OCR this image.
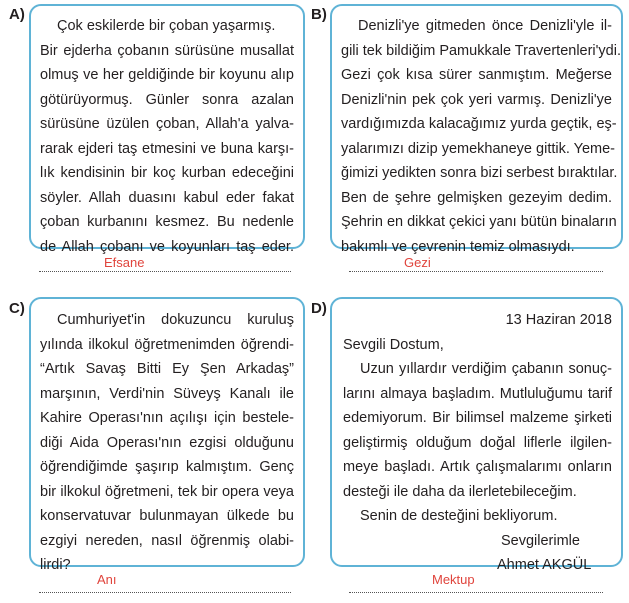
A)
Çok eskilerde bir çoban yaşarmış.
Bir ejderha çobanın sürüsüne musallat
olmuş ve her geldiğinde bir koyunu alıp
götürüyormuş. Günler sonra azalan
sürüsüne üzülen çoban, Allah'a yalva-
rarak ejderi taş etmesini ve buna karşı-
lık kendisinin bir koç kurban edeceğini
söyler. Allah duasını kabul eder fakat
çoban kurbanını kesmez. Bu nedenle
de Allah çobanı ve koyunları taş eder.
Efsane
B)
Denizli'ye gitmeden önce Denizli'yle il-
gili tek bildiğim Pamukkale Travertenleri'ydi.
Gezi çok kısa sürer sanmıştım. Meğerse
Denizli'nin pek çok yeri varmış. Denizli'ye
vardığımızda kalacağımız yurda geçtik, eş-
yalarımızı dizip yemekhaneye gittik. Yeme-
ğimizi yedikten sonra bizi serbest bıraktılar.
Ben de şehre gelmişken gezeyim dedim.
Şehrin en dikkat çekici yanı bütün binaların
bakımlı ve çevrenin temiz olmasıydı.
Gezi
C)
Cumhuriyet'in dokuzuncu kuruluş
yılında ilkokul öğretmenimden öğrendi-
“Artık Savaş Bitti Ey Şen Arkadaş”
marşının, Verdi'nin Süveyş Kanalı ile
Kahire Operası'nın açılışı için bestele-
diği Aida Operası'nın ezgisi olduğunu
öğrendiğimde şaşırıp kalmıştım. Genç
bir ilkokul öğretmeni, tek bir opera veya
konservatuvar bulunmayan ülkede bu
ezgiyi nereden, nasıl öğrenmiş olabi-
lirdi?
Anı
D)
13 Haziran 2018
Sevgili Dostum,
Uzun yıllardır verdiğim çabanın sonuç-
larını almaya başladım. Mutluluğumu tarif
edemiyorum. Bir bilimsel malzeme şirketi
geliştirmiş olduğum doğal liflerle ilgilen-
meye başladı. Artık çalışmalarımı onların
desteği ile daha da ilerletebileceğim.
Senin de desteğini bekliyorum.
Sevgilerimle
Ahmet AKGÜL
Mektup
